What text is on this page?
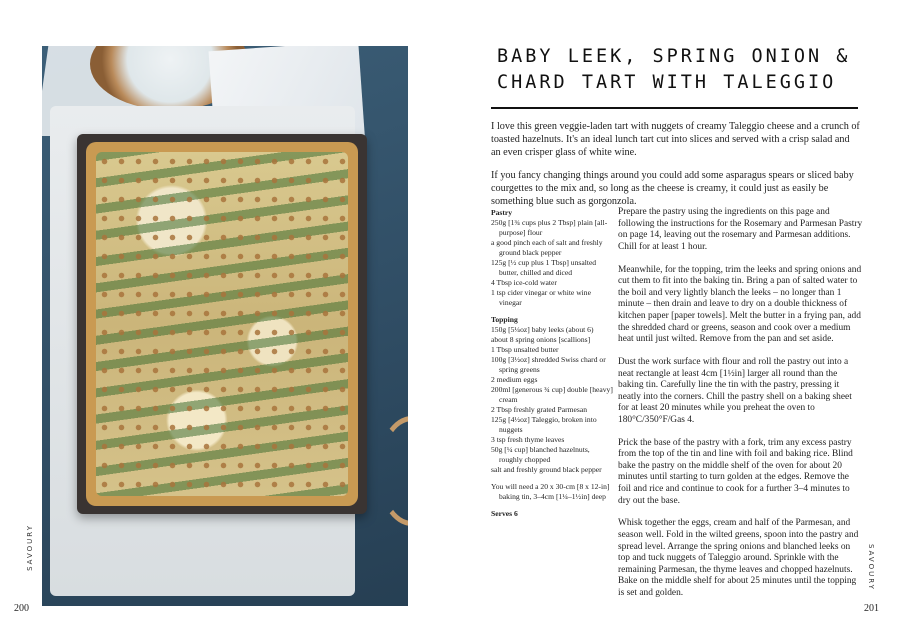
SAVOURY
200
BABY LEEK, SPRING ONION & CHARD TART WITH TALEGGIO

I love this green veggie-laden tart with nuggets of creamy Taleggio cheese and a crunch of toasted hazelnuts. It's an ideal lunch tart cut into slices and served with a crisp salad and an even crisper glass of white wine.

If you fancy changing things around you could add some asparagus spears or sliced baby courgettes to the mix and, so long as the cheese is creamy, it could just as easily be something blue such as gorgonzola.

Pastry

250g [1¾ cups plus 2 Tbsp] plain [all-purpose] flour
a good pinch each of salt and freshly ground black pepper
125g [½ cup plus 1 Tbsp] unsalted butter, chilled and diced
4 Tbsp ice-cold water
1 tsp cider vinegar or white wine vinegar

Topping

150g [5¼oz] baby leeks (about 6)
about 8 spring onions [scallions]
1 Tbsp unsalted butter
100g [3½oz] shredded Swiss chard or spring greens
2 medium eggs
200ml [generous ¾ cup] double [heavy] cream
2 Tbsp freshly grated Parmesan
125g [4½oz] Taleggio, broken into nuggets
3 tsp fresh thyme leaves
50g [¼ cup] blanched hazelnuts, roughly chopped
salt and freshly ground black pepper

You will need a 20 x 30-cm [8 x 12-in] baking tin, 3–4cm [1¼–1½in] deep

Serves 6

Prepare the pastry using the ingredients on this page and following the instructions for the Rosemary and Parmesan Pastry on page 14, leaving out the rosemary and Parmesan additions. Chill for at least 1 hour.

Meanwhile, for the topping, trim the leeks and spring onions and cut them to fit into the baking tin. Bring a pan of salted water to the boil and very lightly blanch the leeks – no longer than 1 minute – then drain and leave to dry on a double thickness of kitchen paper [paper towels]. Melt the butter in a frying pan, add the shredded chard or greens, season and cook over a medium heat until just wilted. Remove from the pan and set aside.

Dust the work surface with flour and roll the pastry out into a neat rectangle at least 4cm [1½in] larger all round than the baking tin. Carefully line the tin with the pastry, pressing it neatly into the corners. Chill the pastry shell on a baking sheet for at least 20 minutes while you preheat the oven to 180°C/350°F/Gas 4.

Prick the base of the pastry with a fork, trim any excess pastry from the top of the tin and line with foil and baking rice. Blind bake the pastry on the middle shelf of the oven for about 20 minutes until starting to turn golden at the edges. Remove the foil and rice and continue to cook for a further 3–4 minutes to dry out the base.

Whisk together the eggs, cream and half of the Parmesan, and season well. Fold in the wilted greens, spoon into the pastry and spread level. Arrange the spring onions and blanched leeks on top and tuck nuggets of Taleggio around. Sprinkle with the remaining Parmesan, the thyme leaves and chopped hazelnuts. Bake on the middle shelf for about 25 minutes until the topping is set and golden.

SAVOURY
201
